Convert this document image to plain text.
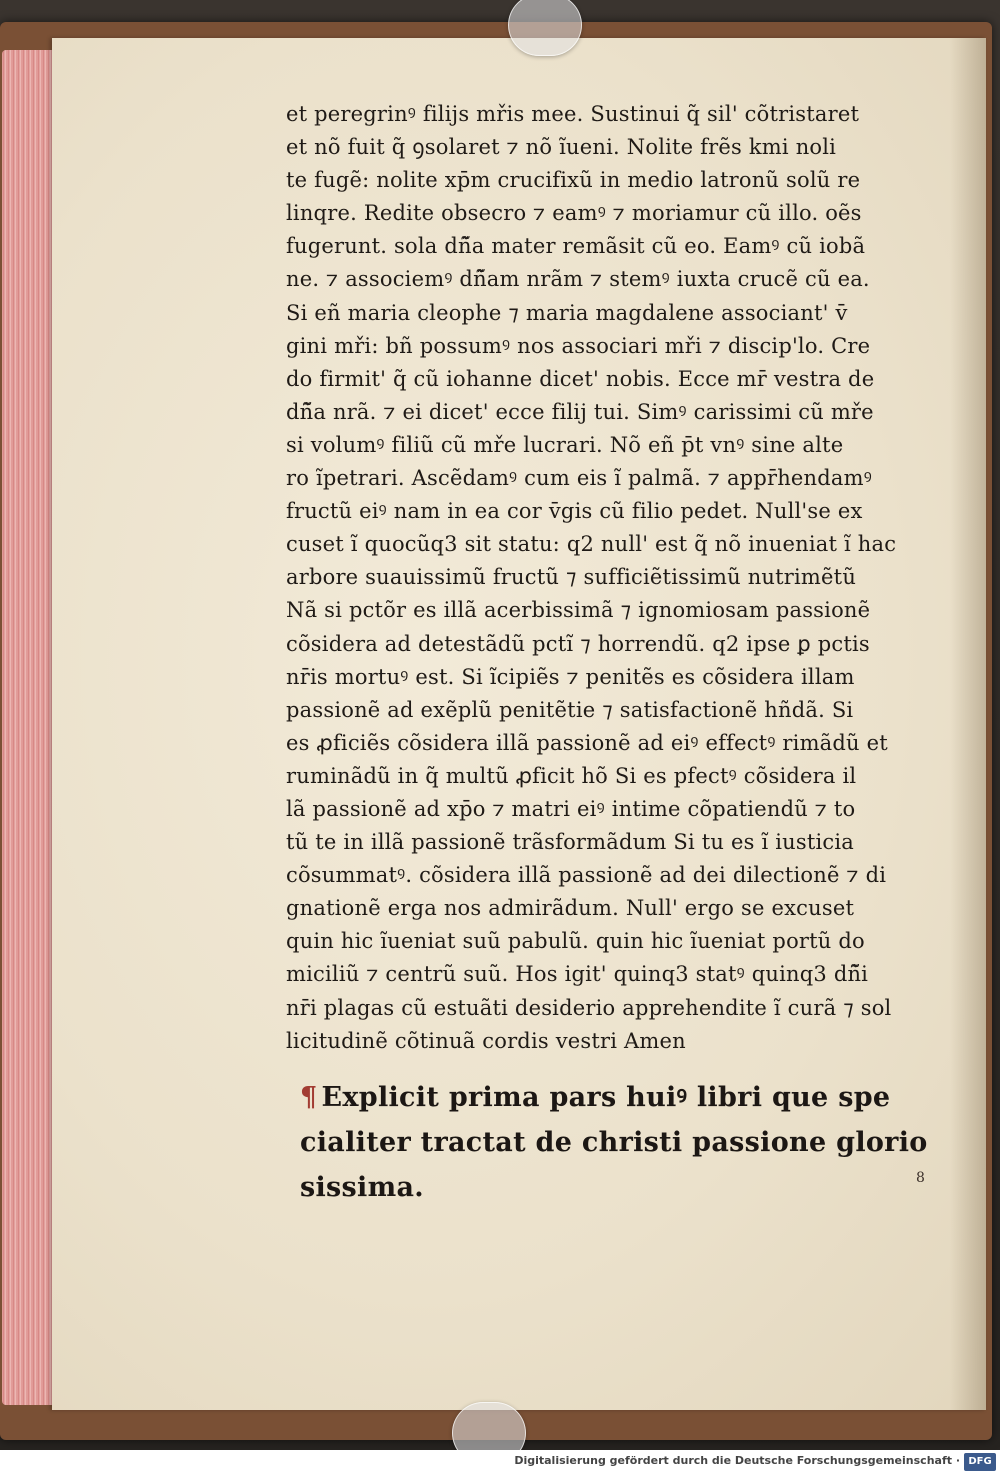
et peregrinꝰ filijs mřis mee. Sustinui q̃ sil' cõtristaret
et nõ fuit q̃ ꝯsolaret ⁊ nõ ĩueni. Nolite frẽs kmi noli
te fugẽ: nolite xp̄m crucifixũ in medio latronũ solũ re
linqre. Redite obsecro ⁊ eamꝰ ⁊ moriamur cũ illo. oẽs
fugerunt. sola dñ̃a mater remãsit cũ eo. Eamꝰ cũ iobã
ne. ⁊ associemꝰ dñ̃am nrãm ⁊ stemꝰ iuxta crucẽ cũ ea.
Si eñ maria cleophe ⁊ maria magdalene associant' v̄
gini mři: bñ possumꝰ nos associari mři ⁊ discip'lo. Cre
do firmit' q̃ cũ iohanne dicet' nobis. Ecce mr̄ vestra de
dñ̃a nrã. ⁊ ei dicet' ecce filij tui. Simꝰ carissimi cũ mře
si volumꝰ filiũ cũ mře lucrari. Nõ eñ p̄t vnꝰ sine alte
ro ĩpetrari. Ascẽdamꝰ cum eis ĩ palmã. ⁊ appr̄hendamꝰ
fructũ eiꝰ nam in ea cor v̄gis cũ filio pedet. Null'se ex
cuset ĩ quocũq3 sit statu: q2 null' est q̃ nõ inueniat ĩ hac
arbore suauissimũ fructũ ⁊ sufficiẽtissimũ nutrimẽtũ
Nã si pctõr es illã acerbissimã ⁊ ignomiosam passionẽ
cõsidera ad detestãdũ pctĩ ⁊ horrendũ. q2 ipse ꝑ pctis
nr̄is mortuꝰ est. Si ĩcipiẽs ⁊ penitẽs es cõsidera illam
passionẽ ad exẽplũ penitẽtie ⁊ satisfactionẽ hñdã. Si
es ꝓficiẽs cõsidera illã passionẽ ad eiꝰ effectꝰ rimãdũ et
ruminãdũ in q̃ multũ ꝓficit hõ Si es pfectꝰ cõsidera il
lã passionẽ ad xp̄o ⁊ matri eiꝰ intime cõpatiendũ ⁊ to
tũ te in illã passionẽ trãsformãdum Si tu es ĩ iusticia
cõsummatꝰ. cõsidera illã passionẽ ad dei dilectionẽ ⁊ di
gnationẽ erga nos admirãdum. Null' ergo se excuset
quin hic ĩueniat suũ pabulũ. quin hic ĩueniat portũ do
miciliũ ⁊ centrũ suũ. Hos igit' quinq3 statꝰ quinq3 dñ̃i
nr̄i plagas cũ estuãti desiderio apprehendite ĩ curã ⁊ sol
licitudinẽ cõtinuã cordis vestri Amen
¶ Explicit prima pars huiꝰ libri que spe
cialiter tractat de christi passione glorio
sissima.	8
Digitalisierung gefördert durch die Deutsche Forschungsgemeinschaft · DFG
